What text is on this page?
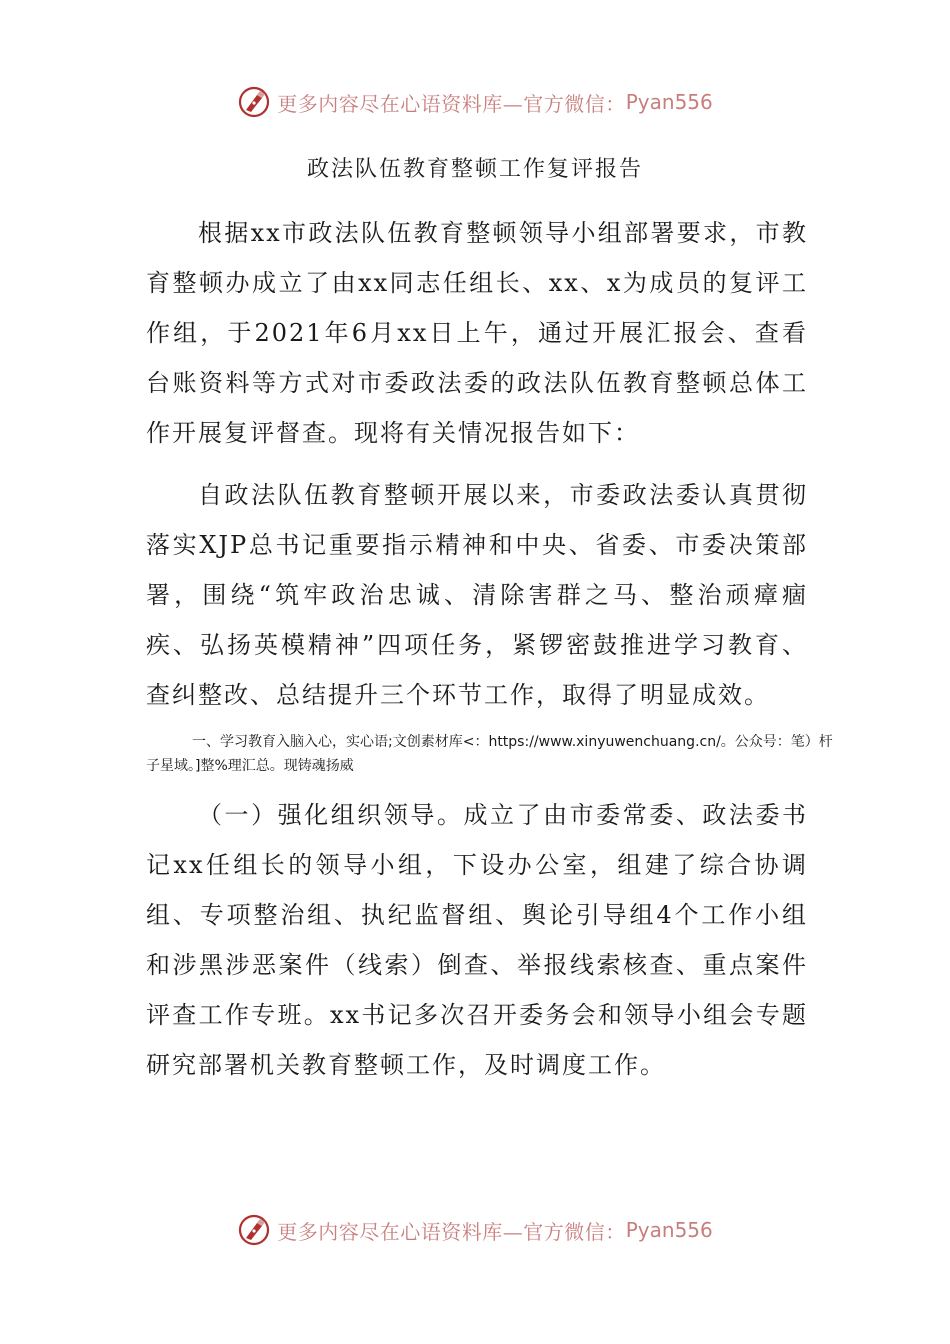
更多内容尽在心语资料库—官方微信： Pyan556
政法队伍教育整顿工作复评报告

根据xx市政法队伍教育整顿领导小组部署要求，市教育整顿办成立了由xx同志任组长、xx、x为成员的复评工作组，于2021年6月xx日上午，通过开展汇报会、查看台账资料等方式对市委政法委的政法队伍教育整顿总体工作开展复评督查。现将有关情况报告如下：

自政法队伍教育整顿开展以来，市委政法委认真贯彻落实XJP总书记重要指示精神和中央、省委、市委决策部署，围绕“筑牢政治忠诚、清除害群之马、整治顽瘴痼疾、弘扬英模精神”四项任务，紧锣密鼓推进学习教育、查纠整改、总结提升三个环节工作，取得了明显成效。

一、学习教育入脑入心，实心语;文创素材库<：https://www.xinyuwenchuang.cn/。公众号：笔）杆子星域。]整%理汇总。现铸魂扬威

（一）强化组织领导。成立了由市委常委、政法委书记xx任组长的领导小组，下设办公室，组建了综合协调组、专项整治组、执纪监督组、舆论引导组4个工作小组和涉黑涉恶案件（线索）倒查、举报线索核查、重点案件评查工作专班。xx书记多次召开委务会和领导小组会专题研究部署机关教育整顿工作，及时调度工作。

更多内容尽在心语资料库—官方微信： Pyan556
